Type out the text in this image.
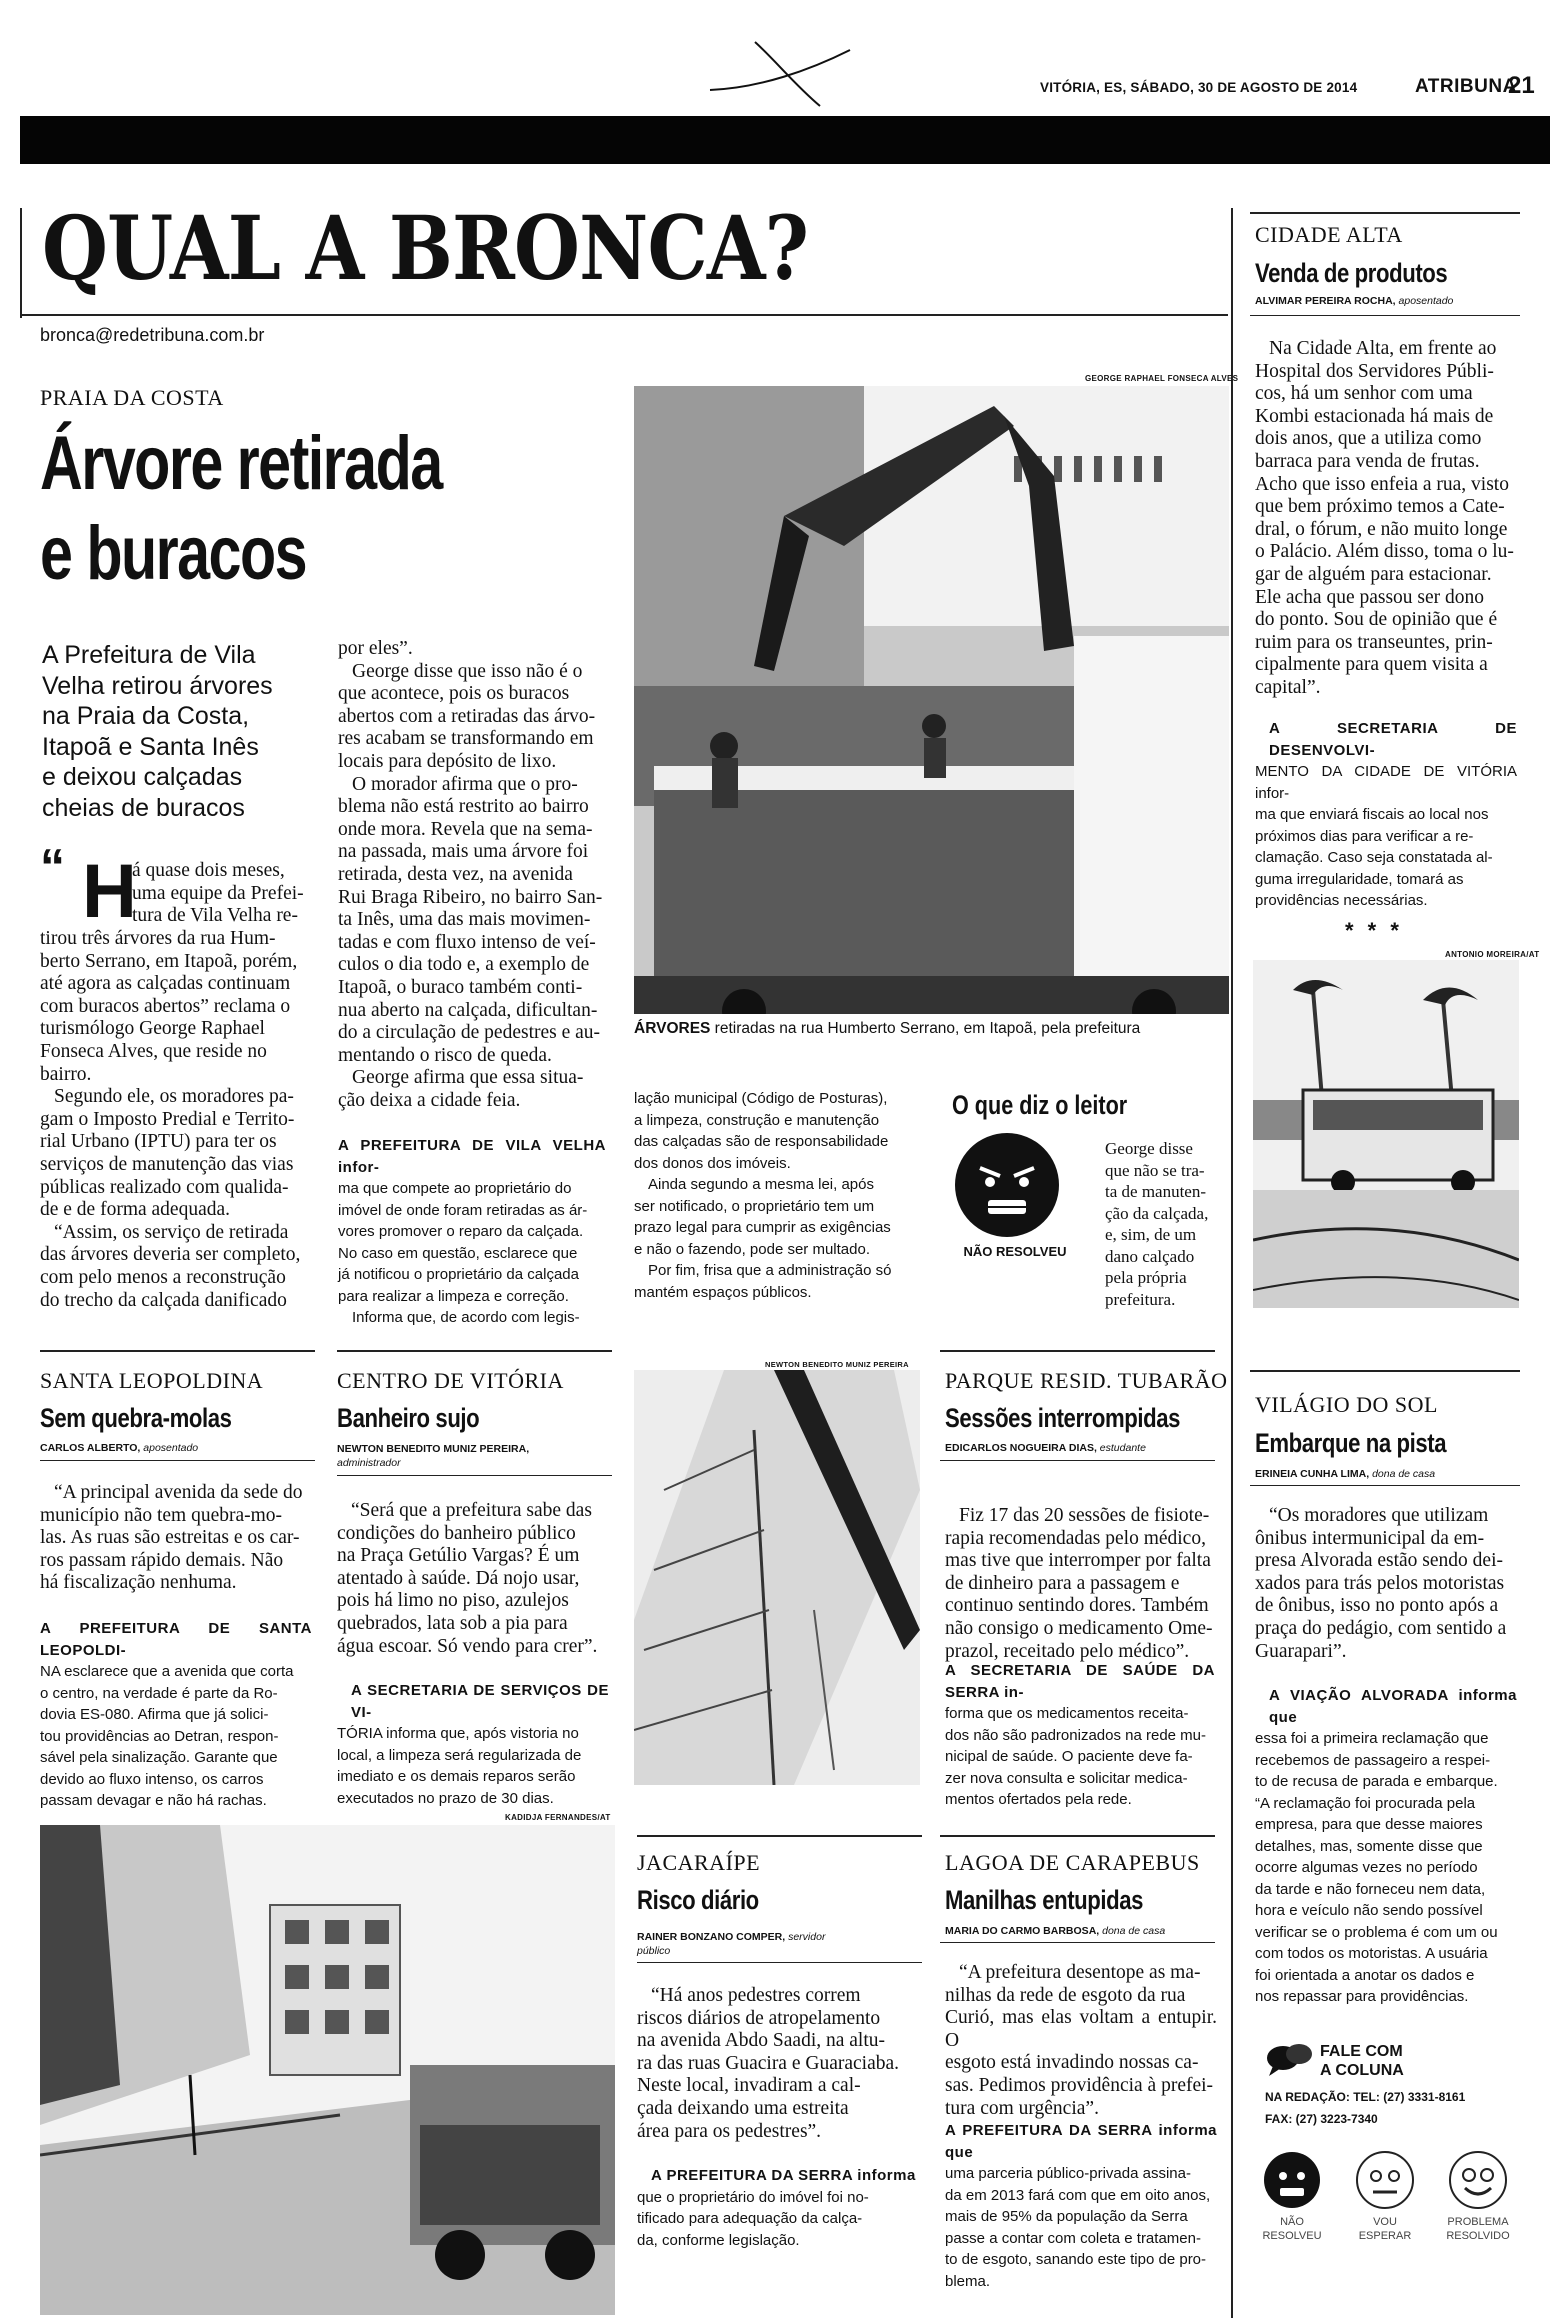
VITÓRIA, ES, SÁBADO, 30 DE AGOSTO DE 2014	ATRIBUNA
21
QUAL A BRONCA?
bronca@redetribuna.com.br
PRAIA DA COSTA
Árvore retirada
e buracos
A Prefeitura de Vila
Velha retirou árvores
na Praia da Costa,
Itapoã e Santa Inês
e deixou calçadas
cheias de buracos
“ H
á quase dois meses,
uma equipe da Prefei-
tura de Vila Velha re-
tirou três árvores da rua Hum-
berto Serrano, em Itapoã, porém,
até agora as calçadas continuam
com buracos abertos” reclama o
turismólogo George Raphael
Fonseca Alves, que reside no
bairro.
Segundo ele, os moradores pa-
gam o Imposto Predial e Territo-
rial Urbano (IPTU) para ter os
serviços de manutenção das vias
públicas realizado com qualida-
de e de forma adequada.
“Assim, os serviço de retirada
das árvores deveria ser completo,
com pelo menos a reconstrução
do trecho da calçada danificado
por eles”.
George disse que isso não é o
que acontece, pois os buracos
abertos com a retiradas das árvo-
res acabam se transformando em
locais para depósito de lixo.
O morador afirma que o pro-
blema não está restrito ao bairro
onde mora. Revela que na sema-
na passada, mais uma árvore foi
retirada, desta vez, na avenida
Rui Braga Ribeiro, no bairro San-
ta Inês, uma das mais movimen-
tadas e com fluxo intenso de veí-
culos o dia todo e, a exemplo de
Itapoã, o buraco também conti-
nua aberto na calçada, dificultan-
do a circulação de pedestres e au-
mentando o risco de queda.
George afirma que essa situa-
ção deixa a cidade feia.
A PREFEITURA DE VILA VELHA infor-
ma que compete ao proprietário do
imóvel de onde foram retiradas as ár-
vores promover o reparo da calçada.
No caso em questão, esclarece que
já notificou o proprietário da calçada
para realizar a limpeza e correção.
Informa que, de acordo com legis-
GEORGE RAPHAEL FONSECA ALVES
ÁRVORES retiradas na rua Humberto Serrano, em Itapoã, pela prefeitura
lação municipal (Código de Posturas),
a limpeza, construção e manutenção
das calçadas são de responsabilidade
dos donos dos imóveis.
Ainda segundo a mesma lei, após
ser notificado, o proprietário tem um
prazo legal para cumprir as exigências
e não o fazendo, pode ser multado.
Por fim, frisa que a administração só
mantém espaços públicos.
O que diz o leitor
NÃO RESOLVEU
George disse
que não se tra-
ta de manuten-
ção da calçada,
e, sim, de um
dano calçado
pela própria
prefeitura.
CIDADE ALTA
Venda de produtos
ALVIMAR PEREIRA ROCHA, aposentado
Na Cidade Alta, em frente ao
Hospital dos Servidores Públi-
cos, há um senhor com uma
Kombi estacionada há mais de
dois anos, que a utiliza como
barraca para venda de frutas.
Acho que isso enfeia a rua, visto
que bem próximo temos a Cate-
dral, o fórum, e não muito longe
o Palácio. Além disso, toma o lu-
gar de alguém para estacionar.
Ele acha que passou ser dono
do ponto. Sou de opinião que é
ruim para os transeuntes, prin-
cipalmente para quem visita a
capital”.
A SECRETARIA DE DESENVOLVI-
MENTO DA CIDADE DE VITÓRIA infor-
ma que enviará fiscais ao local nos
próximos dias para verificar a re-
clamação. Caso seja constatada al-
guma irregularidade, tomará as
providências necessárias.
* * *
ANTONIO MOREIRA/AT
SANTA LEOPOLDINA
Sem quebra-molas
CARLOS ALBERTO, aposentado
“A principal avenida da sede do
município não tem quebra-mo-
las. As ruas são estreitas e os car-
ros passam rápido demais. Não
há fiscalização nenhuma.
A PREFEITURA DE SANTA LEOPOLDI-
NA esclarece que a avenida que corta
o centro, na verdade é parte da Ro-
dovia ES-080. Afirma que já solici-
tou providências ao Detran, respon-
sável pela sinalização. Garante que
devido ao fluxo intenso, os carros
passam devagar e não há rachas.
CENTRO DE VITÓRIA
Banheiro sujo
NEWTON BENEDITO MUNIZ PEREIRA,
administrador
“Será que a prefeitura sabe das
condições do banheiro público
na Praça Getúlio Vargas? É um
atentado à saúde. Dá nojo usar,
pois há limo no piso, azulejos
quebrados, lata sob a pia para
água escoar. Só vendo para crer”.
A SECRETARIA DE SERVIÇOS DE VI-
TÓRIA informa que, após vistoria no
local, a limpeza será regularizada de
imediato e os demais reparos serão
executados no prazo de 30 dias.
NEWTON BENEDITO MUNIZ PEREIRA
PARQUE RESID. TUBARÃO
Sessões interrompidas
EDICARLOS NOGUEIRA DIAS, estudante
Fiz 17 das 20 sessões de fisiote-
rapia recomendadas pelo médico,
mas tive que interromper por falta
de dinheiro para a passagem e
continuo sentindo dores. Também
não consigo o medicamento Ome-
prazol, receitado pelo médico”.
A SECRETARIA DE SAÚDE DA SERRA in-
forma que os medicamentos receita-
dos não são padronizados na rede mu-
nicipal de saúde. O paciente deve fa-
zer nova consulta e solicitar medica-
mentos ofertados pela rede.
VILÁGIO DO SOL
Embarque na pista
ERINEIA CUNHA LIMA, dona de casa
“Os moradores que utilizam
ônibus intermunicipal da em-
presa Alvorada estão sendo dei-
xados para trás pelos motoristas
de ônibus, isso no ponto após a
praça do pedágio, com sentido a
Guarapari”.
A VIAÇÃO ALVORADA informa que
essa foi a primeira reclamação que
recebemos de passageiro a respei-
to de recusa de parada e embarque.
“A reclamação foi procurada pela
empresa, para que desse maiores
detalhes, mas, somente disse que
ocorre algumas vezes no período
da tarde e não forneceu nem data,
hora e veículo não sendo possível
verificar se o problema é com um ou
com todos os motoristas. A usuária
foi orientada a anotar os dados e
nos repassar para providências.
KADIDJA FERNANDES/AT
JACARAÍPE
Risco diário
RAINER BONZANO COMPER, servidor público
“Há anos pedestres correm
riscos diários de atropelamento
na avenida Abdo Saadi, na altu-
ra das ruas Guacira e Guaraciaba.
Neste local, invadiram a cal-
çada deixando uma estreita
área para os pedestres”.
A PREFEITURA DA SERRA informa
que o proprietário do imóvel foi no-
tificado para adequação da calça-
da, conforme legislação.
LAGOA DE CARAPEBUS
Manilhas entupidas
MARIA DO CARMO BARBOSA, dona de casa
“A prefeitura desentope as ma-
nilhas da rede de esgoto da rua
Curió, mas elas voltam a entupir. O
esgoto está invadindo nossas ca-
sas. Pedimos providência à prefei-
tura com urgência”.
A PREFEITURA DA SERRA informa que
uma parceria público-privada assina-
da em 2013 fará com que em oito anos,
mais de 95% da população da Serra
passe a contar com coleta e tratamen-
to de esgoto, sanando este tipo de pro-
blema.
FALE COM
A COLUNA
NA REDAÇÃO: TEL: (27) 3331-8161
FAX: (27) 3223-7340
NÃO
RESOLVEU
VOU
ESPERAR
PROBLEMA
RESOLVIDO
